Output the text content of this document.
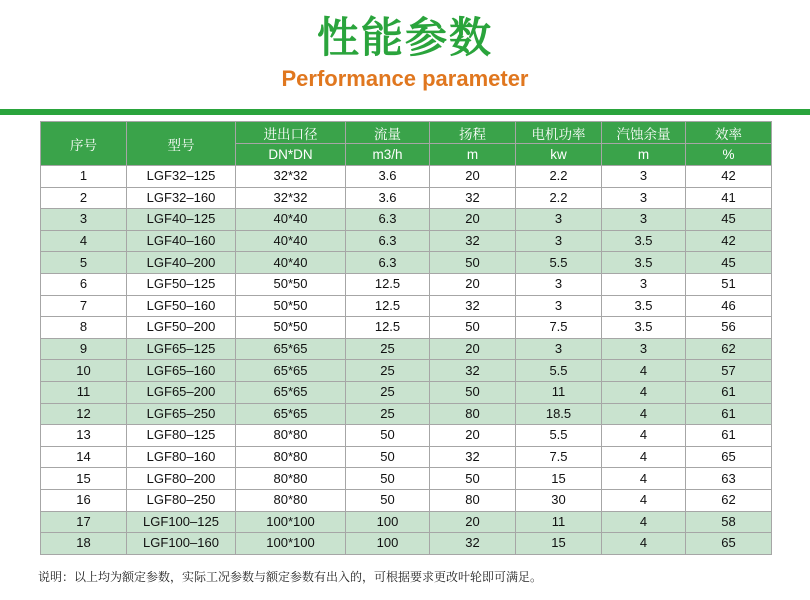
性能参数
Performance parameter
序号	型号	进出口径	流量	扬程	电机功率	汽蚀余量	效率
		DN*DN	m3/h	m	kw	m	%
1	LGF32–125	32*32	3.6	20	2.2	3	42
2	LGF32–160	32*32	3.6	32	2.2	3	41
3	LGF40–125	40*40	6.3	20	3	3	45
4	LGF40–160	40*40	6.3	32	3	3.5	42
5	LGF40–200	40*40	6.3	50	5.5	3.5	45
6	LGF50–125	50*50	12.5	20	3	3	51
7	LGF50–160	50*50	12.5	32	3	3.5	46
8	LGF50–200	50*50	12.5	50	7.5	3.5	56
9	LGF65–125	65*65	25	20	3	3	62
10	LGF65–160	65*65	25	32	5.5	4	57
11	LGF65–200	65*65	25	50	11	4	61
12	LGF65–250	65*65	25	80	18.5	4	61
13	LGF80–125	80*80	50	20	5.5	4	61
14	LGF80–160	80*80	50	32	7.5	4	65
15	LGF80–200	80*80	50	50	15	4	63
16	LGF80–250	80*80	50	80	30	4	62
17	LGF100–125	100*100	100	20	11	4	58
18	LGF100–160	100*100	100	32	15	4	65
说明：以上均为额定参数，实际工况参数与额定参数有出入的，可根据要求更改叶轮即可满足。
